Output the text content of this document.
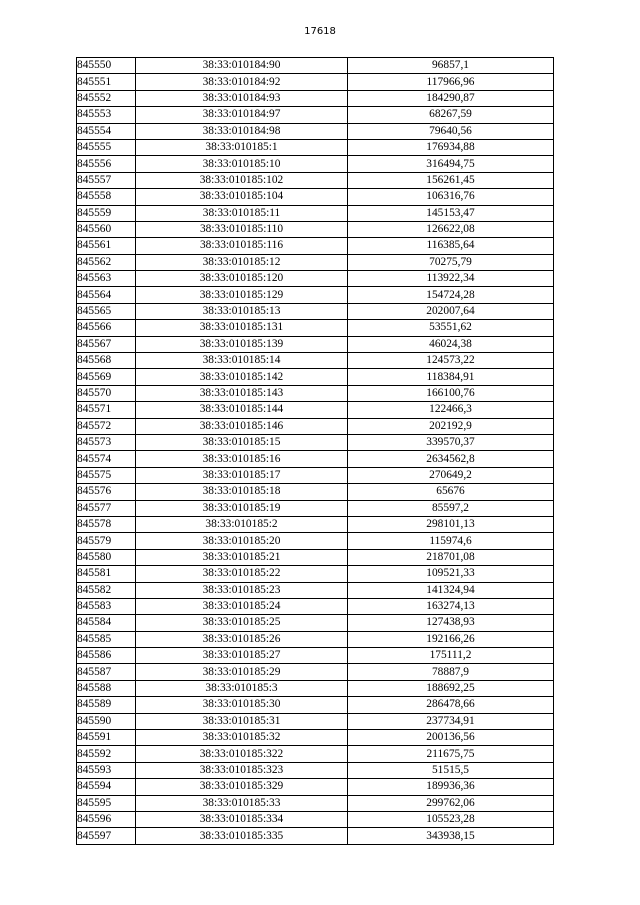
17618
845550	38:33:010184:90	96857,1
845551	38:33:010184:92	117966,96
845552	38:33:010184:93	184290,87
845553	38:33:010184:97	68267,59
845554	38:33:010184:98	79640,56
845555	38:33:010185:1	176934,88
845556	38:33:010185:10	316494,75
845557	38:33:010185:102	156261,45
845558	38:33:010185:104	106316,76
845559	38:33:010185:11	145153,47
845560	38:33:010185:110	126622,08
845561	38:33:010185:116	116385,64
845562	38:33:010185:12	70275,79
845563	38:33:010185:120	113922,34
845564	38:33:010185:129	154724,28
845565	38:33:010185:13	202007,64
845566	38:33:010185:131	53551,62
845567	38:33:010185:139	46024,38
845568	38:33:010185:14	124573,22
845569	38:33:010185:142	118384,91
845570	38:33:010185:143	166100,76
845571	38:33:010185:144	122466,3
845572	38:33:010185:146	202192,9
845573	38:33:010185:15	339570,37
845574	38:33:010185:16	2634562,8
845575	38:33:010185:17	270649,2
845576	38:33:010185:18	65676
845577	38:33:010185:19	85597,2
845578	38:33:010185:2	298101,13
845579	38:33:010185:20	115974,6
845580	38:33:010185:21	218701,08
845581	38:33:010185:22	109521,33
845582	38:33:010185:23	141324,94
845583	38:33:010185:24	163274,13
845584	38:33:010185:25	127438,93
845585	38:33:010185:26	192166,26
845586	38:33:010185:27	175111,2
845587	38:33:010185:29	78887,9
845588	38:33:010185:3	188692,25
845589	38:33:010185:30	286478,66
845590	38:33:010185:31	237734,91
845591	38:33:010185:32	200136,56
845592	38:33:010185:322	211675,75
845593	38:33:010185:323	51515,5
845594	38:33:010185:329	189936,36
845595	38:33:010185:33	299762,06
845596	38:33:010185:334	105523,28
845597	38:33:010185:335	343938,15
